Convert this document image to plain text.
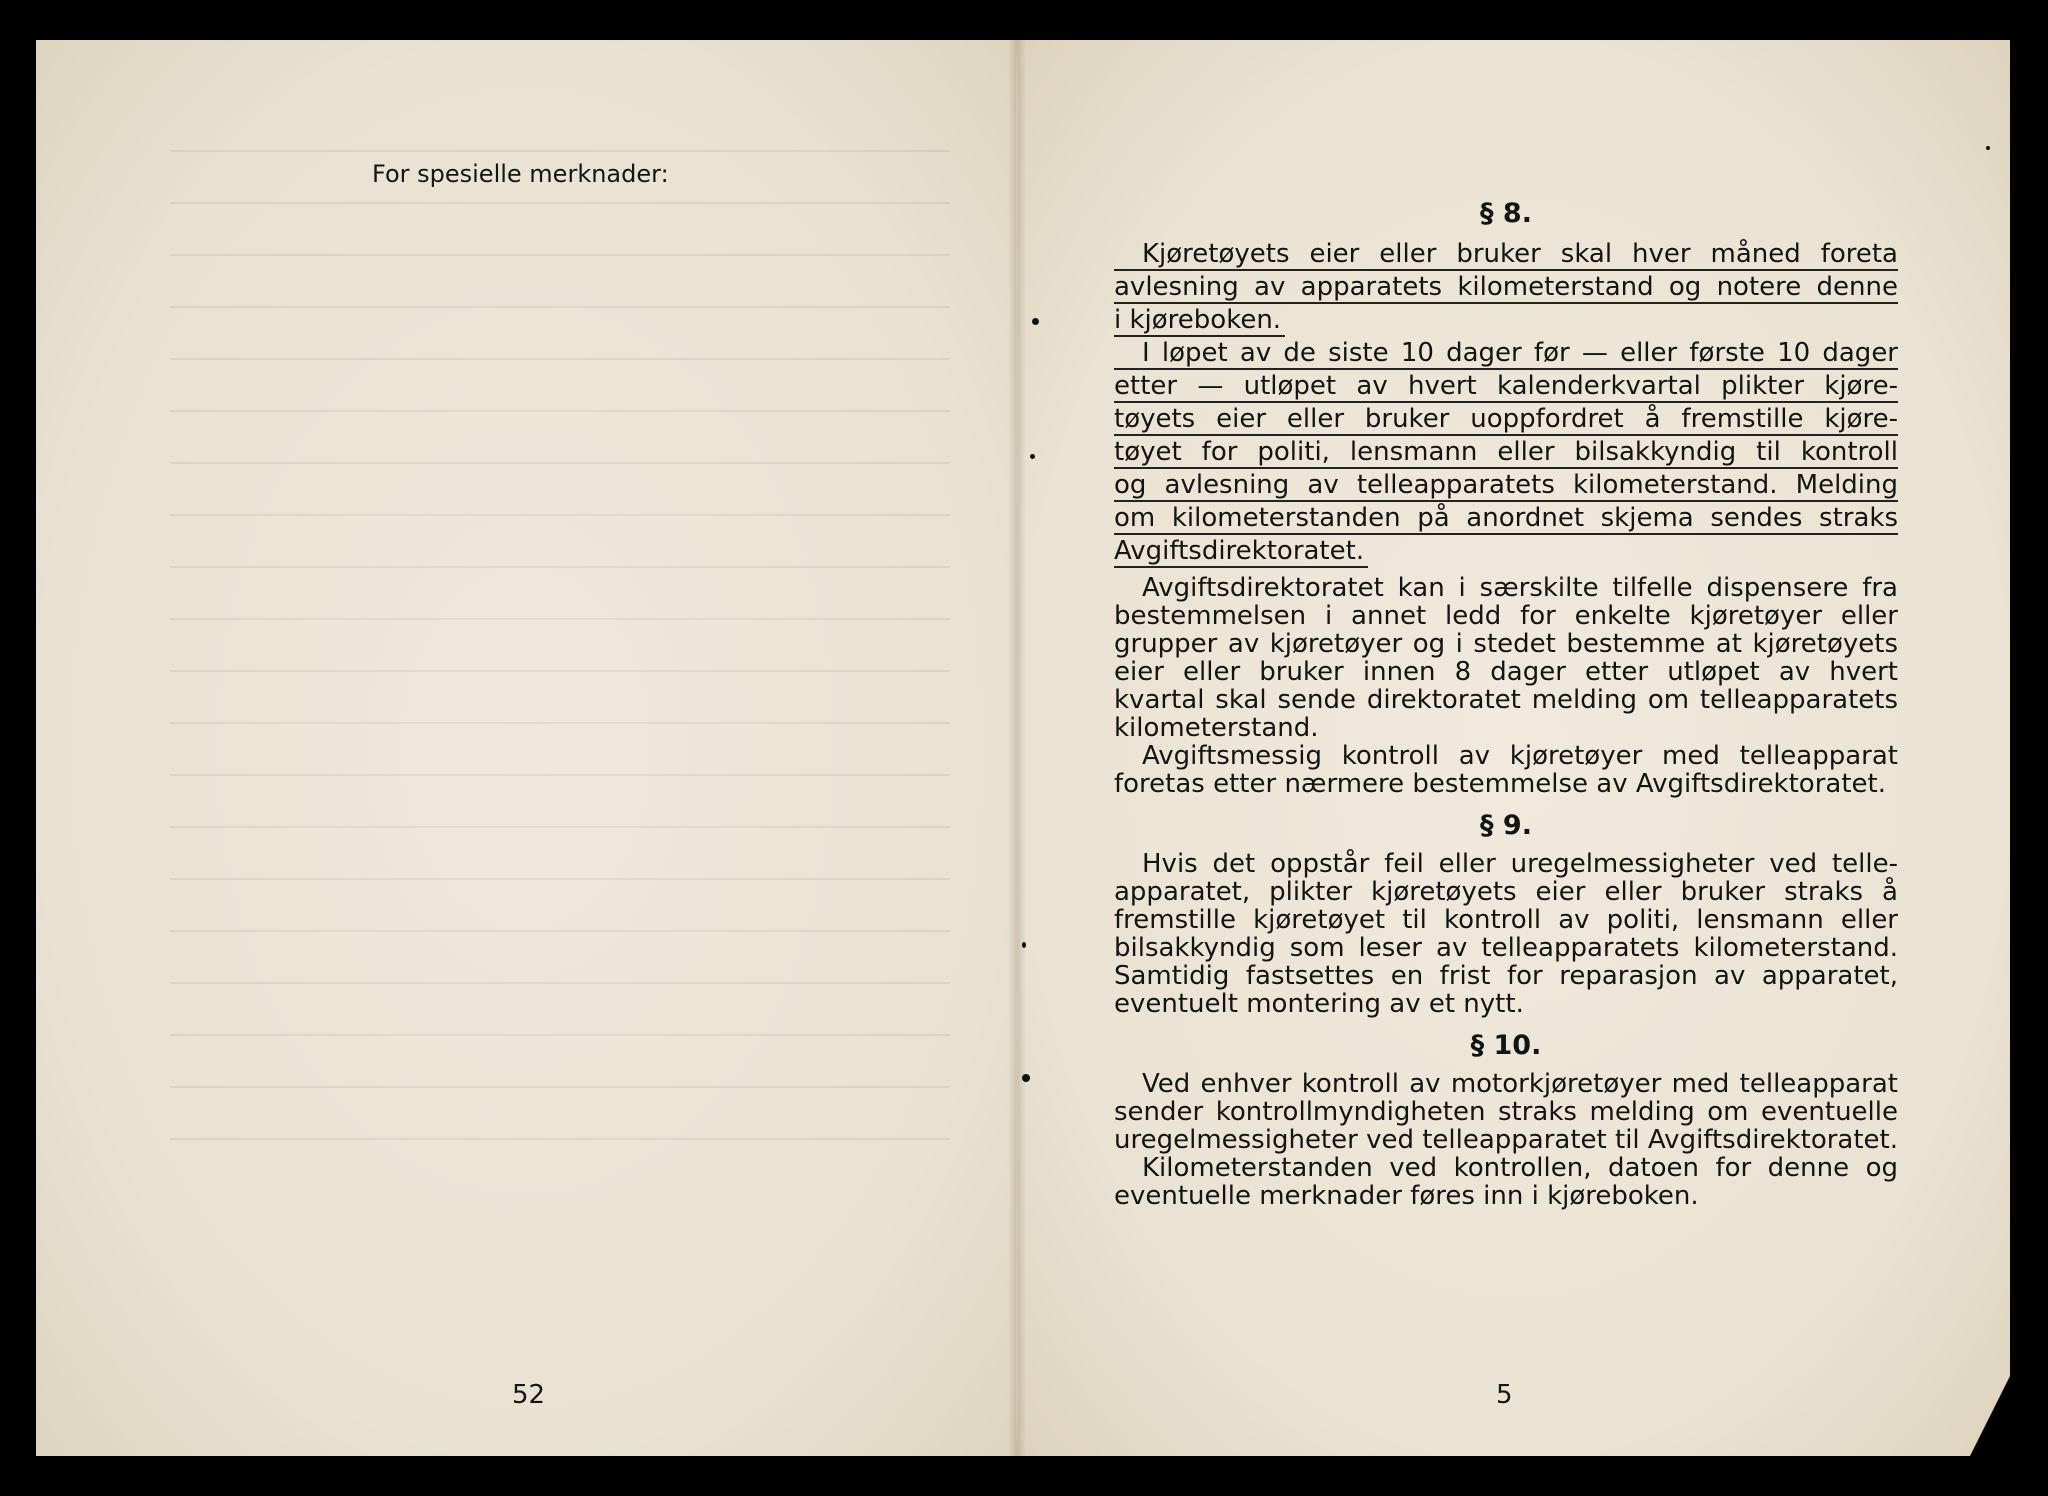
For spesielle merknader:

52

§ 8.
Kjøretøyets eier eller bruker skal hver måned foreta
avlesning av apparatets kilometerstand og notere denne
i kjøreboken.
I løpet av de siste 10 dager før — eller første 10 dager
etter — utløpet av hvert kalenderkvartal plikter kjøre-
tøyets eier eller bruker uoppfordret å fremstille kjøre-
tøyet for politi, lensmann eller bilsakkyndig til kontroll
og avlesning av telleapparatets kilometerstand. Melding
om kilometerstanden på anordnet skjema sendes straks
Avgiftsdirektoratet.

Avgiftsdirektoratet kan i særskilte tilfelle dispensere fra bestemmelsen i annet ledd for enkelte kjøretøyer eller grupper av kjøretøyer og i stedet bestemme at kjøretøyets eier eller bruker innen 8 dager etter utløpet av hvert kvartal skal sende direktoratet melding om telleapparatets kilometerstand.

Avgiftsmessig kontroll av kjøretøyer med telleapparat foretas etter nærmere bestemmelse av Avgiftsdirektoratet.

§ 9.

Hvis det oppstår feil eller uregelmessigheter ved telleapparatet, plikter kjøretøyets eier eller bruker straks å fremstille kjøretøyet til kontroll av politi, lensmann eller bilsakkyndig som leser av telleapparatets kilometerstand. Samtidig fastsettes en frist for reparasjon av apparatet, eventuelt montering av et nytt.

§ 10.

Ved enhver kontroll av motorkjøretøyer med telleapparat sender kontrollmyndigheten straks melding om eventuelle uregelmessigheter ved telleapparatet til Avgiftsdirektoratet.

Kilometerstanden ved kontrollen, datoen for denne og eventuelle merknader føres inn i kjøreboken.

5
